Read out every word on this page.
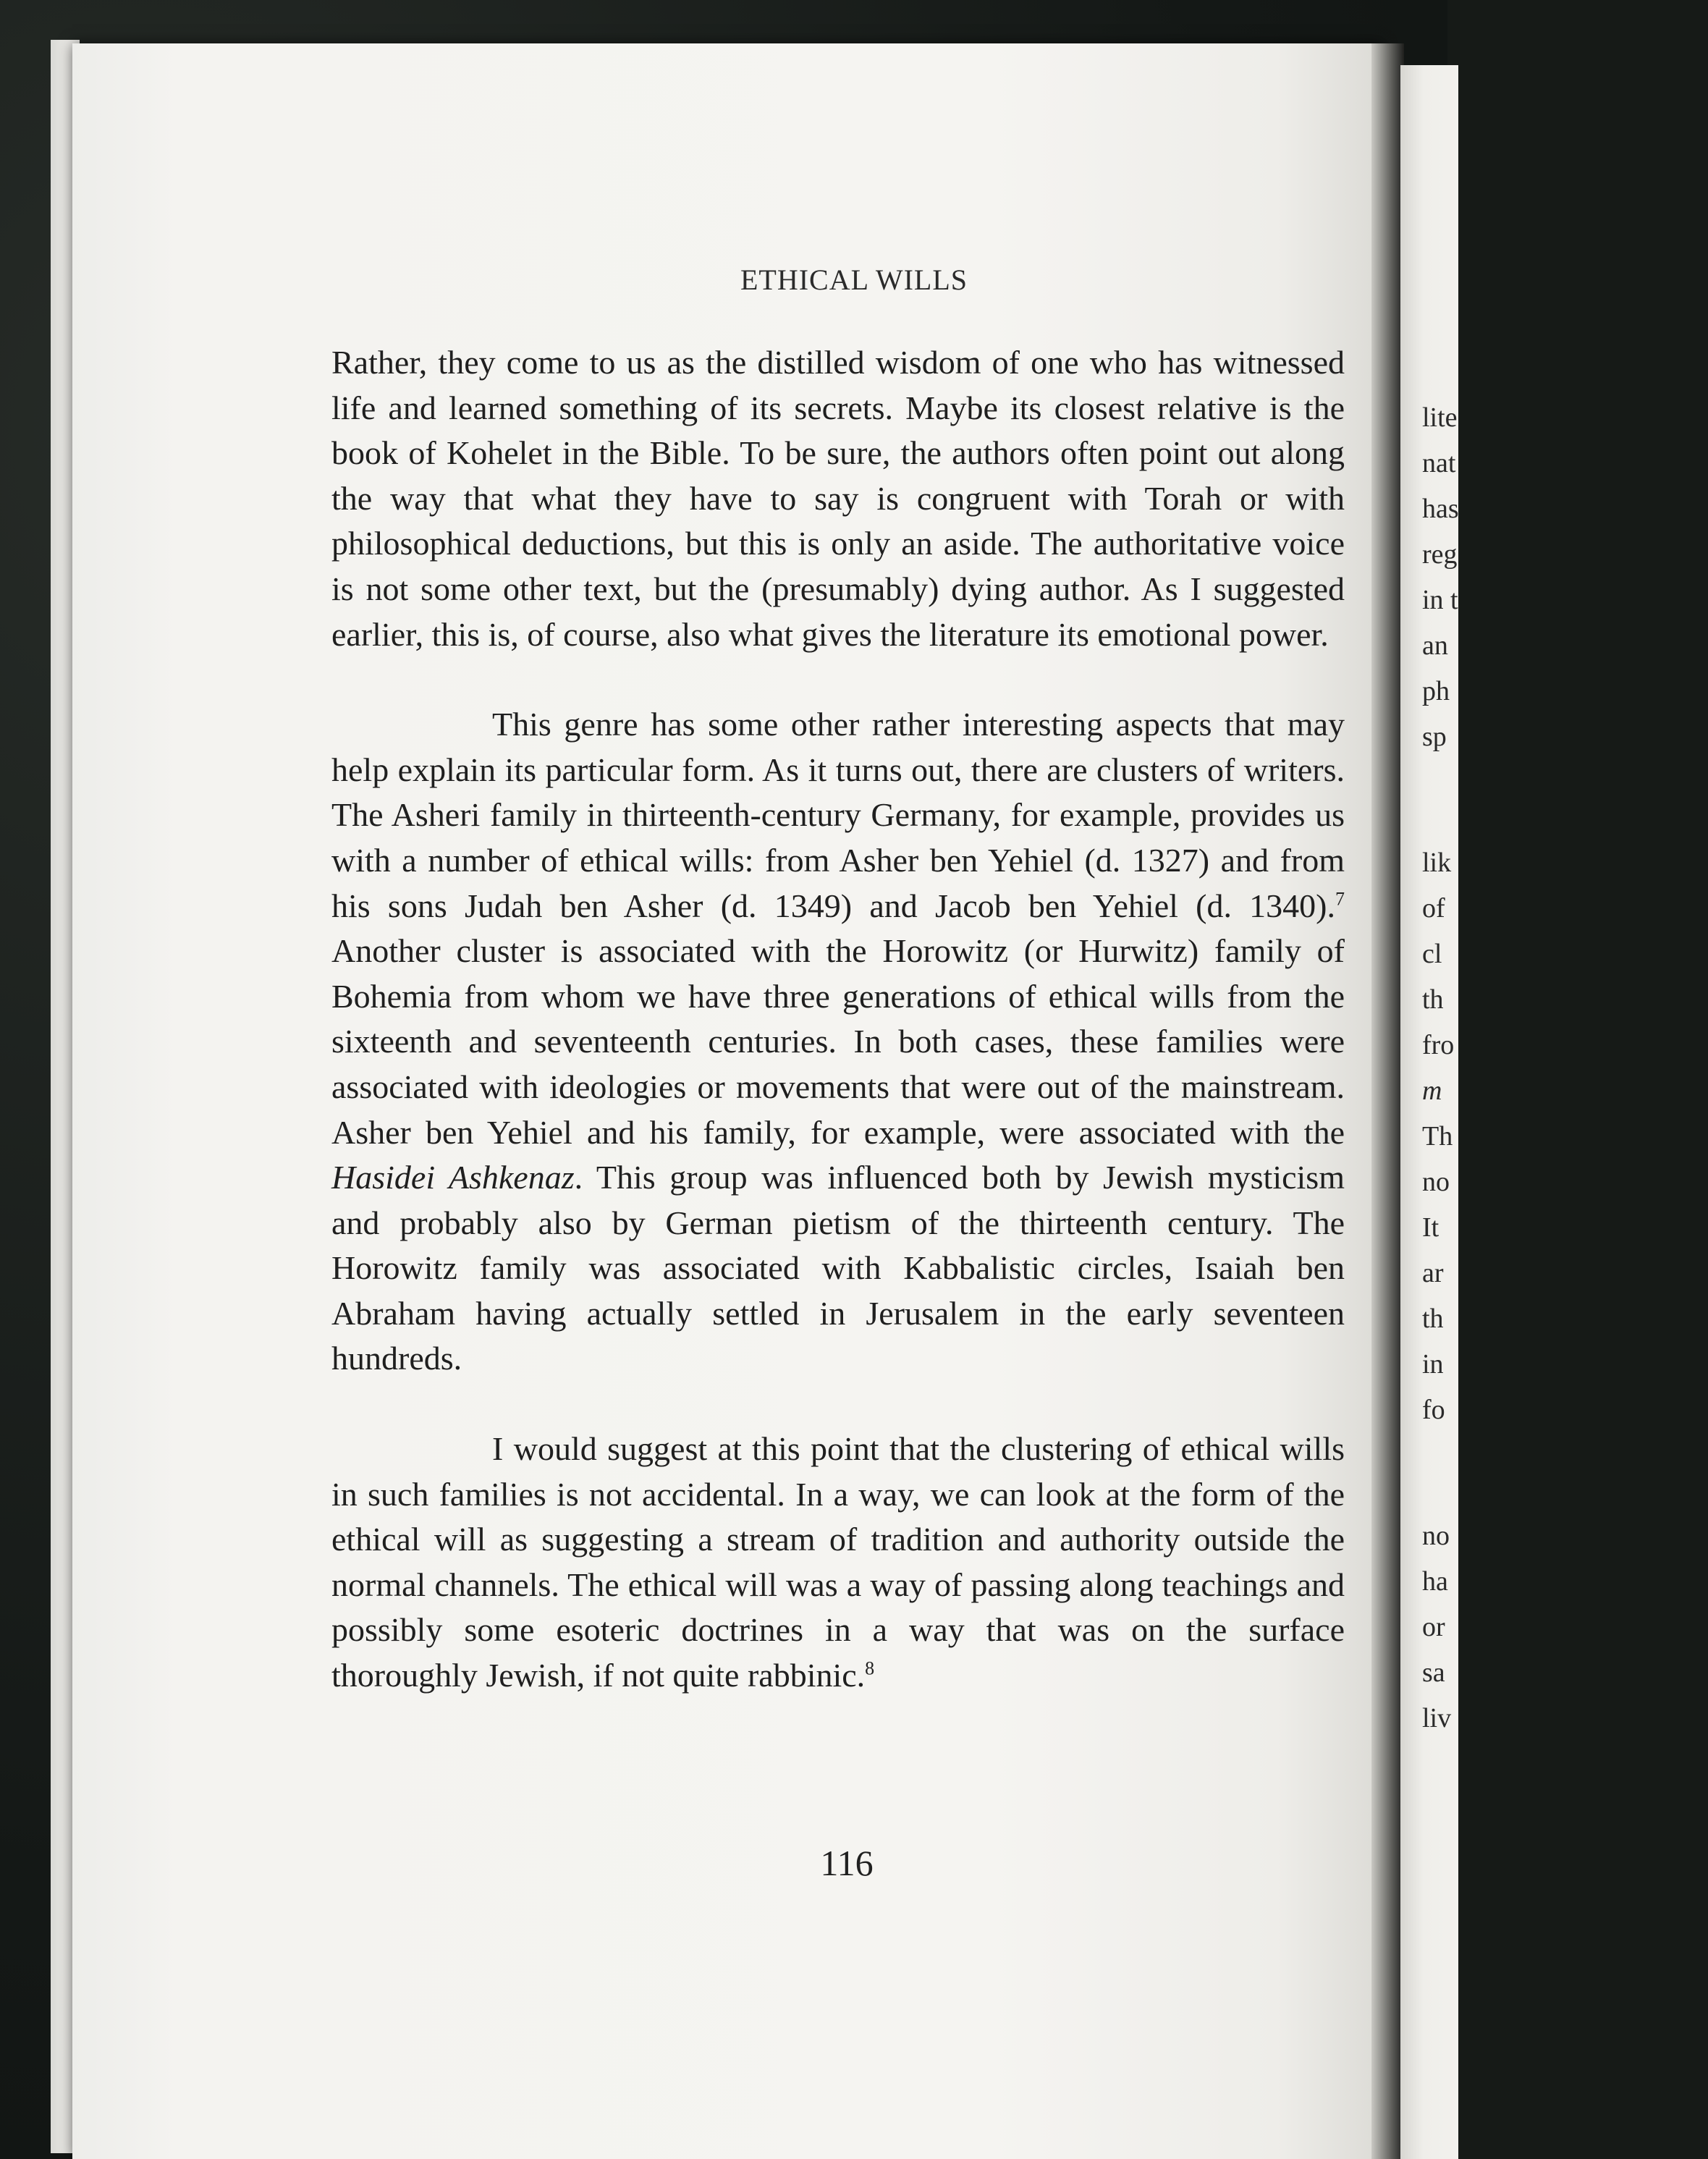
ETHICAL WILLS

Rather, they come to us as the distilled wisdom of one who has witnessed life and learned something of its secrets. Maybe its closest relative is the book of Kohelet in the Bible. To be sure, the authors often point out along the way that what they have to say is congruent with Torah or with philosophical deductions, but this is only an aside. The authoritative voice is not some other text, but the (presumably) dying author. As I suggested earlier, this is, of course, also what gives the literature its emotional power.

This genre has some other rather interesting aspects that may help explain its particular form. As it turns out, there are clusters of writers. The Asheri family in thirteenth-century Germany, for example, provides us with a number of ethical wills: from Asher ben Yehiel (d. 1327) and from his sons Judah ben Asher (d. 1349) and Jacob ben Yehiel (d. 1340).$^7$ Another cluster is associated with the Horowitz (or Hurwitz) family of Bohemia from whom we have three generations of ethical wills from the sixteenth and seventeenth centuries. In both cases, these families were associated with ideologies or movements that were out of the mainstream. Asher ben Yehiel and his family, for example, were associated with the Hasidei Ashkenaz. This group was influenced both by Jewish mysticism and probably also by German pietism of the thirteenth century. The Horowitz family was associated with Kabbalistic circles, Isaiah ben Abraham having actually settled in Jerusalem in the early seventeen hundreds.

I would suggest at this point that the clustering of ethical wills in such families is not accidental. In a way, we can look at the form of the ethical will as suggesting a stream of tradition and authority outside the normal channels. The ethical will was a way of passing along teachings and possibly some esoteric doctrines in a way that was on the surface thoroughly Jewish, if not quite rabbinic.$^8$

116
lite
nat
has
reg
in t
an
ph
sp
lik
of
cl
th
fro
m
Th
no
It
ar
th
in
fo
no
ha
or
sa
liv
